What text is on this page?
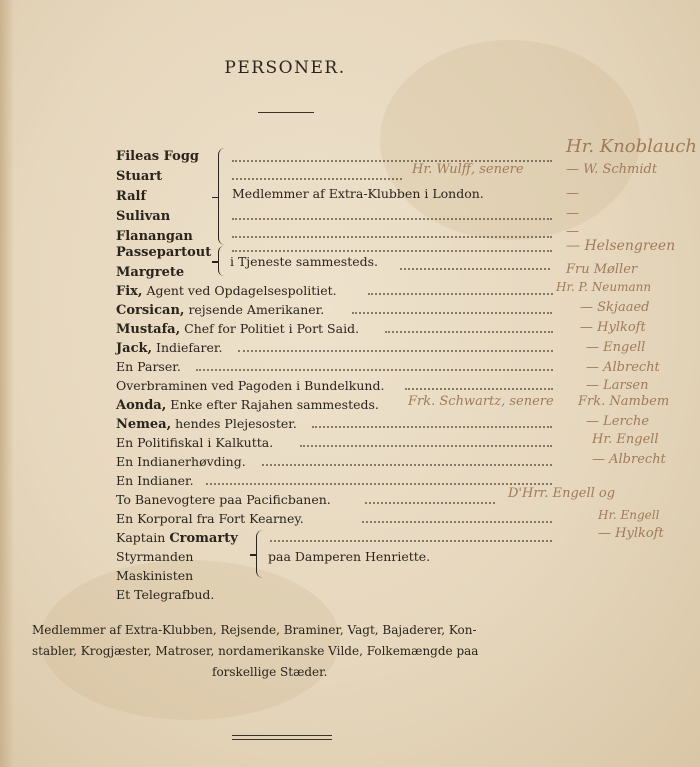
PERSONER.
Fileas Fogg
Stuart
Ralf
Sulivan
Flanangan
Medlemmer af Extra-Klubben i London.
Passepartout
Margrete
i Tjeneste sammesteds.
Fix, Agent ved Opdagelsespolitiet.
Corsican, rejsende Amerikaner.
Mustafa, Chef for Politiet i Port Said.
Jack, Indiefarer.
En Parser.
Overbraminen ved Pagoden i Bundelkund.
Aonda, Enke efter Rajahen sammesteds.
Nemea, hendes Plejesoster.
En Politifiskal i Kalkutta.
En Indianerhøvding.
En Indianer.
To Banevogtere paa Pacificbanen.
En Korporal fra Fort Kearney.
Kaptain Cromarty
Styrmanden
Maskinisten
Et Telegrafbud.
paa Damperen Henriette.
Hr. Knoblauch
Hr. Wulff, senere	— W. Schmidt
—
—
—
— Helsengreen
Fru Møller
Hr. P. Neumann
— Skjaaed
— Hylkoft
— Engell
— Albrecht
— Larsen
Frk. Schwartz, senere Frk. Nambem
— Lerche
Hr. Engell
— Albrecht
D'Hrr. Engell og
Hr. Engell
— Hylkoft
Medlemmer af Extra-Klubben, Rejsende, Braminer, Vagt, Bajaderer, Kon-
stabler, Krogjæster, Matroser, nordamerikanske Vilde, Folkemængde paa
forskellige Stæder.
